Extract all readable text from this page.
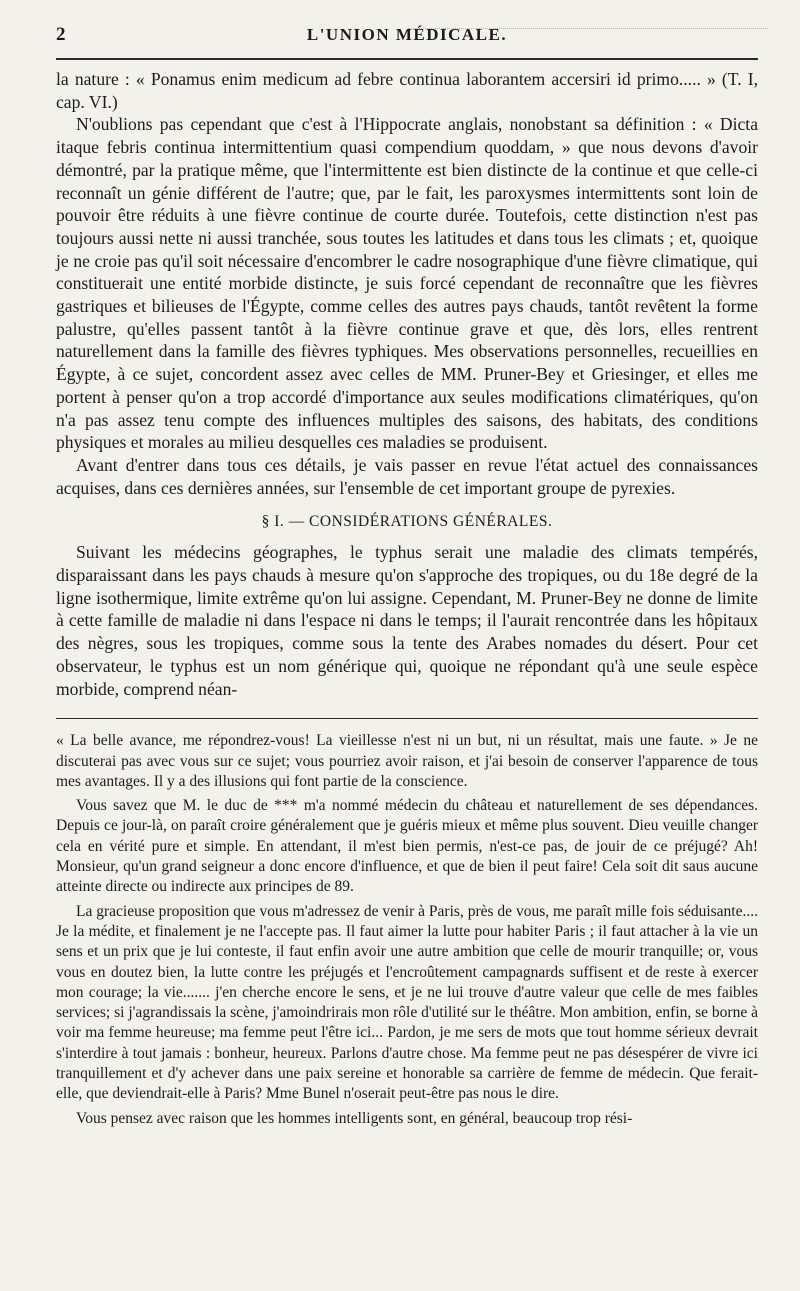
2	L'UNION MÉDICALE.

la nature : « Ponamus enim medicum ad febre continua laborantem accersiri id primo..... » (T. I, cap. VI.)

N'oublions pas cependant que c'est à l'Hippocrate anglais, nonobstant sa définition : « Dicta itaque febris continua intermittentium quasi compendium quoddam, » que nous devons d'avoir démontré, par la pratique même, que l'intermittente est bien distincte de la continue et que celle-ci reconnaît un génie différent de l'autre; que, par le fait, les paroxysmes intermittents sont loin de pouvoir être réduits à une fièvre continue de courte durée. Toutefois, cette distinction n'est pas toujours aussi nette ni aussi tranchée, sous toutes les latitudes et dans tous les climats ; et, quoique je ne croie pas qu'il soit nécessaire d'encombrer le cadre nosographique d'une fièvre climatique, qui constituerait une entité morbide distincte, je suis forcé cependant de reconnaître que les fièvres gastriques et bilieuses de l'Égypte, comme celles des autres pays chauds, tantôt revêtent la forme palustre, qu'elles passent tantôt à la fièvre continue grave et que, dès lors, elles rentrent naturellement dans la famille des fièvres typhiques. Mes observations personnelles, recueillies en Égypte, à ce sujet, concordent assez avec celles de MM. Pruner-Bey et Griesinger, et elles me portent à penser qu'on a trop accordé d'importance aux seules modifications climatériques, qu'on n'a pas assez tenu compte des influences multiples des saisons, des habitats, des conditions physiques et morales au milieu desquelles ces maladies se produisent.

Avant d'entrer dans tous ces détails, je vais passer en revue l'état actuel des connaissances acquises, dans ces dernières années, sur l'ensemble de cet important groupe de pyrexies.

§ I. — CONSIDÉRATIONS GÉNÉRALES.

Suivant les médecins géographes, le typhus serait une maladie des climats tempérés, disparaissant dans les pays chauds à mesure qu'on s'approche des tropiques, ou du 18e degré de la ligne isothermique, limite extrême qu'on lui assigne. Cependant, M. Pruner-Bey ne donne de limite à cette famille de maladie ni dans l'espace ni dans le temps; il l'aurait rencontrée dans les hôpitaux des nègres, sous les tropiques, comme sous la tente des Arabes nomades du désert. Pour cet observateur, le typhus est un nom générique qui, quoique ne répondant qu'à une seule espèce morbide, comprend néan-

« La belle avance, me répondrez-vous! La vieillesse n'est ni un but, ni un résultat, mais une faute. » Je ne discuterai pas avec vous sur ce sujet; vous pourriez avoir raison, et j'ai besoin de conserver l'apparence de tous mes avantages. Il y a des illusions qui font partie de la conscience.

Vous savez que M. le duc de *** m'a nommé médecin du château et naturellement de ses dépendances. Depuis ce jour-là, on paraît croire généralement que je guéris mieux et même plus souvent. Dieu veuille changer cela en vérité pure et simple. En attendant, il m'est bien permis, n'est-ce pas, de jouir de ce préjugé? Ah! Monsieur, qu'un grand seigneur a donc encore d'influence, et que de bien il peut faire! Cela soit dit saus aucune atteinte directe ou indirecte aux principes de 89.

La gracieuse proposition que vous m'adressez de venir à Paris, près de vous, me paraît mille fois séduisante.... Je la médite, et finalement je ne l'accepte pas. Il faut aimer la lutte pour habiter Paris ; il faut attacher à la vie un sens et un prix que je lui conteste, il faut enfin avoir une autre ambition que celle de mourir tranquille; or, vous vous en doutez bien, la lutte contre les préjugés et l'encroûtement campagnards suffisent et de reste à exercer mon courage; la vie....... j'en cherche encore le sens, et je ne lui trouve d'autre valeur que celle de mes faibles services; si j'agrandissais la scène, j'amoindrirais mon rôle d'utilité sur le théâtre. Mon ambition, enfin, se borne à voir ma femme heureuse; ma femme peut l'être ici... Pardon, je me sers de mots que tout homme sérieux devrait s'interdire à tout jamais : bonheur, heureux. Parlons d'autre chose. Ma femme peut ne pas désespérer de vivre ici tranquillement et d'y achever dans une paix sereine et honorable sa carrière de femme de médecin. Que ferait-elle, que deviendrait-elle à Paris? Mme Bunel n'oserait peut-être pas nous le dire.

Vous pensez avec raison que les hommes intelligents sont, en général, beaucoup trop rési-
